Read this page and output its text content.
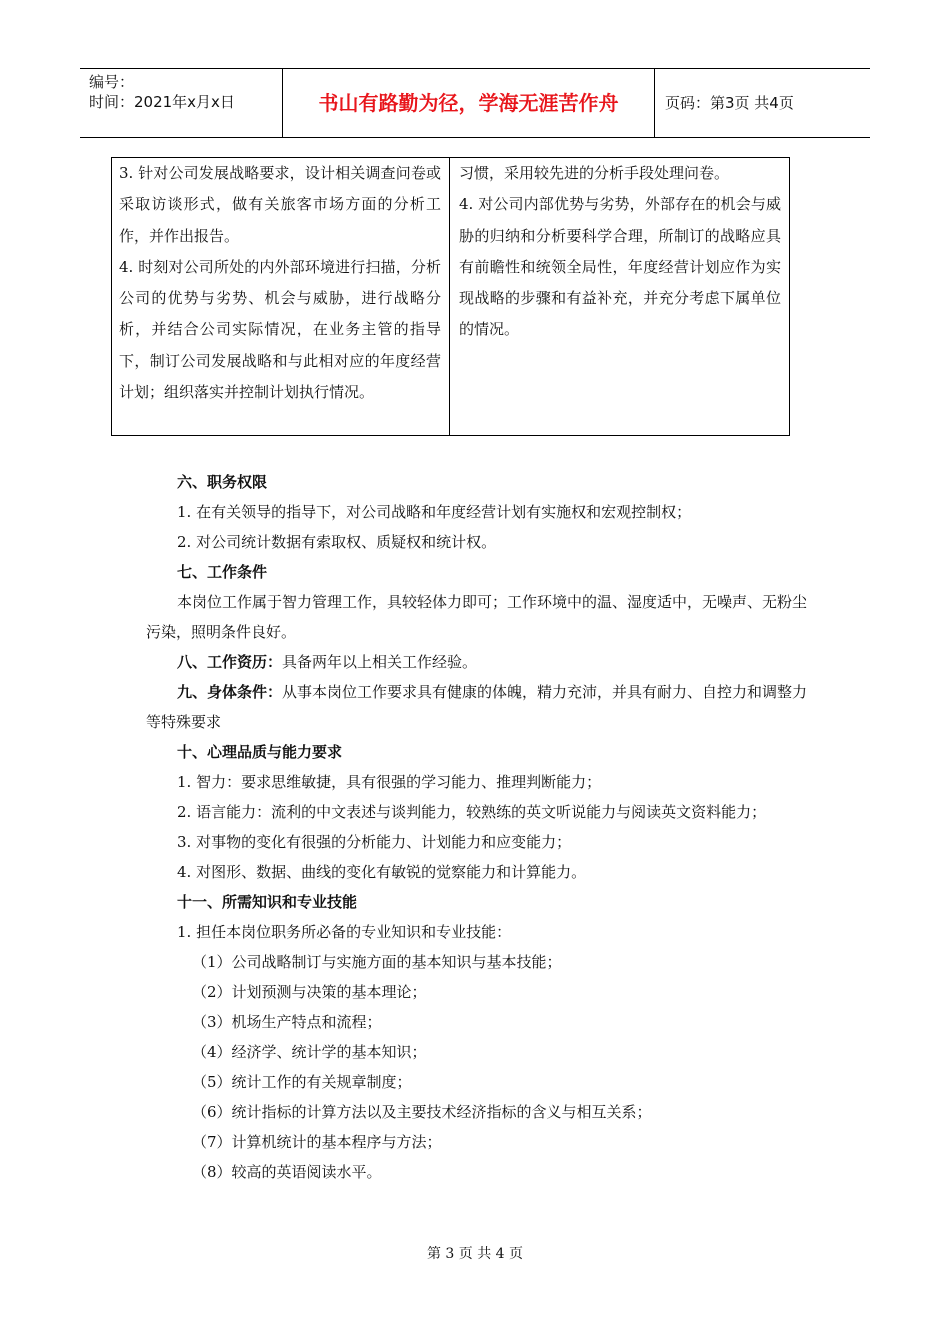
编号：
时间：2021年x月x日	书山有路勤为径，学海无涯苦作舟	页码：第3页 共4页

3. 针对公司发展战略要求，设计相关调查问卷或采取访谈形式，做有关旅客市场方面的分析工作，并作出报告。

4. 时刻对公司所处的内外部环境进行扫描，分析公司的优势与劣势、机会与威胁，进行战略分析，并结合公司实际情况，在业务主管的指导下，制订公司发展战略和与此相对应的年度经营计划；组织落实并控制计划执行情况。

习惯，采用较先进的分析手段处理问卷。

4. 对公司内部优势与劣势，外部存在的机会与威胁的归纳和分析要科学合理，所制订的战略应具有前瞻性和统领全局性，年度经营计划应作为实现战略的步骤和有益补充，并充分考虑下属单位的情况。

六、职务权限

1. 在有关领导的指导下，对公司战略和年度经营计划有实施权和宏观控制权；

2. 对公司统计数据有索取权、质疑权和统计权。

七、工作条件

本岗位工作属于智力管理工作，具较轻体力即可；工作环境中的温、湿度适中，无噪声、无粉尘污染，照明条件良好。

八、工作资历：具备两年以上相关工作经验。

九、身体条件：从事本岗位工作要求具有健康的体魄，精力充沛，并具有耐力、自控力和调整力等特殊要求

十、心理品质与能力要求

1. 智力：要求思维敏捷，具有很强的学习能力、推理判断能力；

2. 语言能力：流利的中文表述与谈判能力，较熟练的英文听说能力与阅读英文资料能力；

3. 对事物的变化有很强的分析能力、计划能力和应变能力；

4. 对图形、数据、曲线的变化有敏锐的觉察能力和计算能力。

十一、所需知识和专业技能

1. 担任本岗位职务所必备的专业知识和专业技能：

（1）公司战略制订与实施方面的基本知识与基本技能；

（2）计划预测与决策的基本理论；

（3）机场生产特点和流程；

（4）经济学、统计学的基本知识；

（5）统计工作的有关规章制度；

（6）统计指标的计算方法以及主要技术经济指标的含义与相互关系；

（7）计算机统计的基本程序与方法；

（8）较高的英语阅读水平。

第 3 页 共 4 页
